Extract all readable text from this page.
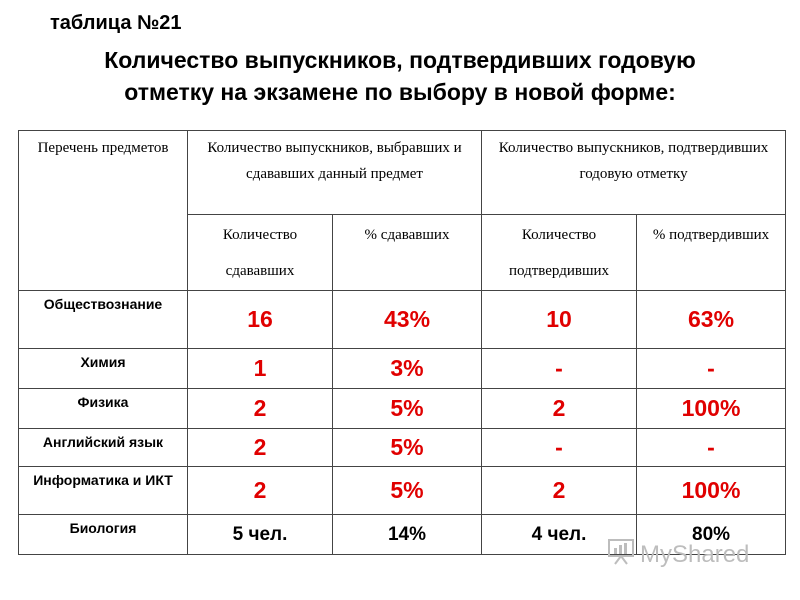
таблица №21
Количество выпускников, подтвердивших годовую
отметку на экзамене по выбору в новой форме:
Перечень предметов	Количество выпускников, выбравших и сдававших данный предмет		Количество выпускников, подтвердивших годовую отметку	
	Количество сдававших	% сдававших	Количество подтвердивших	% подтвердивших
Обществознание	16	43%	10	63%
Химия	1	3%	-	-
Физика	2	5%	2	100%
Английский язык	2	5%	-	-
Информатика и ИКТ	2	5%	2	100%
Биология	5 чел.	14%	4 чел.	80%
MyShared
